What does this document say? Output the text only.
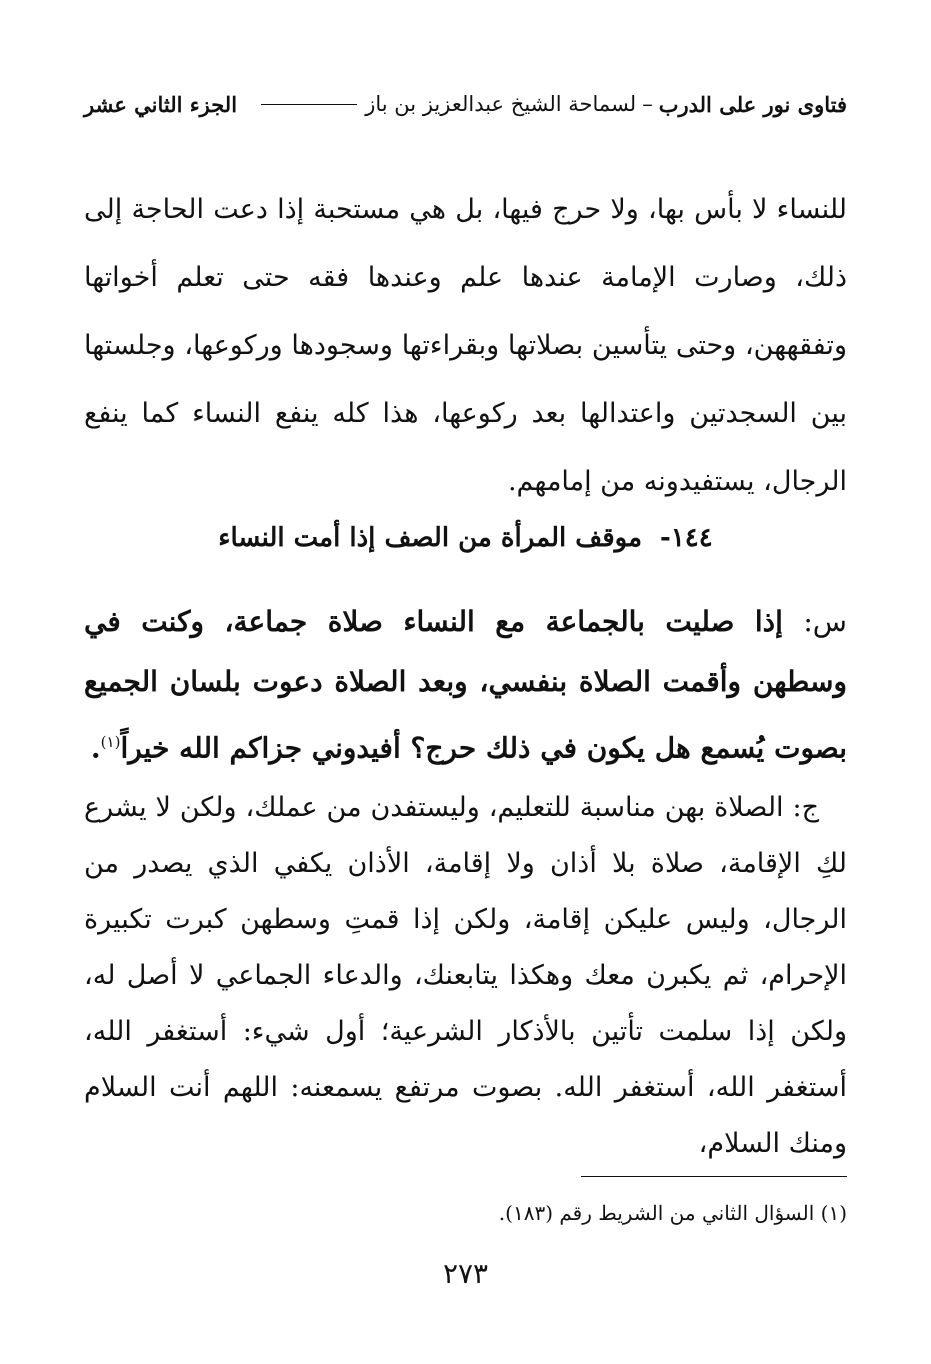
فتاوى نور على الدرب
–
لسماحة الشيخ عبدالعزيز بن باز
الجزء الثاني عشر

للنساء لا بأس بها، ولا حرج فيها، بل هي مستحبة إذا دعت الحاجة إلى ذلك، وصارت الإمامة عندها علم وعندها فقه حتى تعلم أخواتها وتفقههن، وحتى يتأسين بصلاتها وبقراءتها وسجودها وركوعها، وجلستها بين السجدتين واعتدالها بعد ركوعها، هذا كله ينفع النساء كما ينفع الرجال، يستفيدونه من إمامهم.

١٤٤-موقف المرأة من الصف إذا أمت النساء
س: إذا صليت بالجماعة مع النساء صلاة جماعة، وكنت في وسطهن وأقمت الصلاة بنفسي، وبعد الصلاة دعوت بلسان الجميع بصوت يُسمع هل يكون في ذلك حرج؟ أفيدوني جزاكم الله خيراً$^{(١)}$.
ج: الصلاة بهن مناسبة للتعليم، وليستفدن من عملك، ولكن لا يشرع لكِ الإقامة، صلاة بلا أذان ولا إقامة، الأذان يكفي الذي يصدر من الرجال، وليس عليكن إقامة، ولكن إذا قمتِ وسطهن كبرت تكبيرة الإحرام، ثم يكبرن معك وهكذا يتابعنك، والدعاء الجماعي لا أصل له، ولكن إذا سلمت تأتين بالأذكار الشرعية؛ أول شيء: أستغفر الله، أستغفر الله، أستغفر الله. بصوت مرتفع يسمعنه: اللهم أنت السلام ومنك السلام،
(١) السؤال الثاني من الشريط رقم (١٨٣).
٢٧٣
